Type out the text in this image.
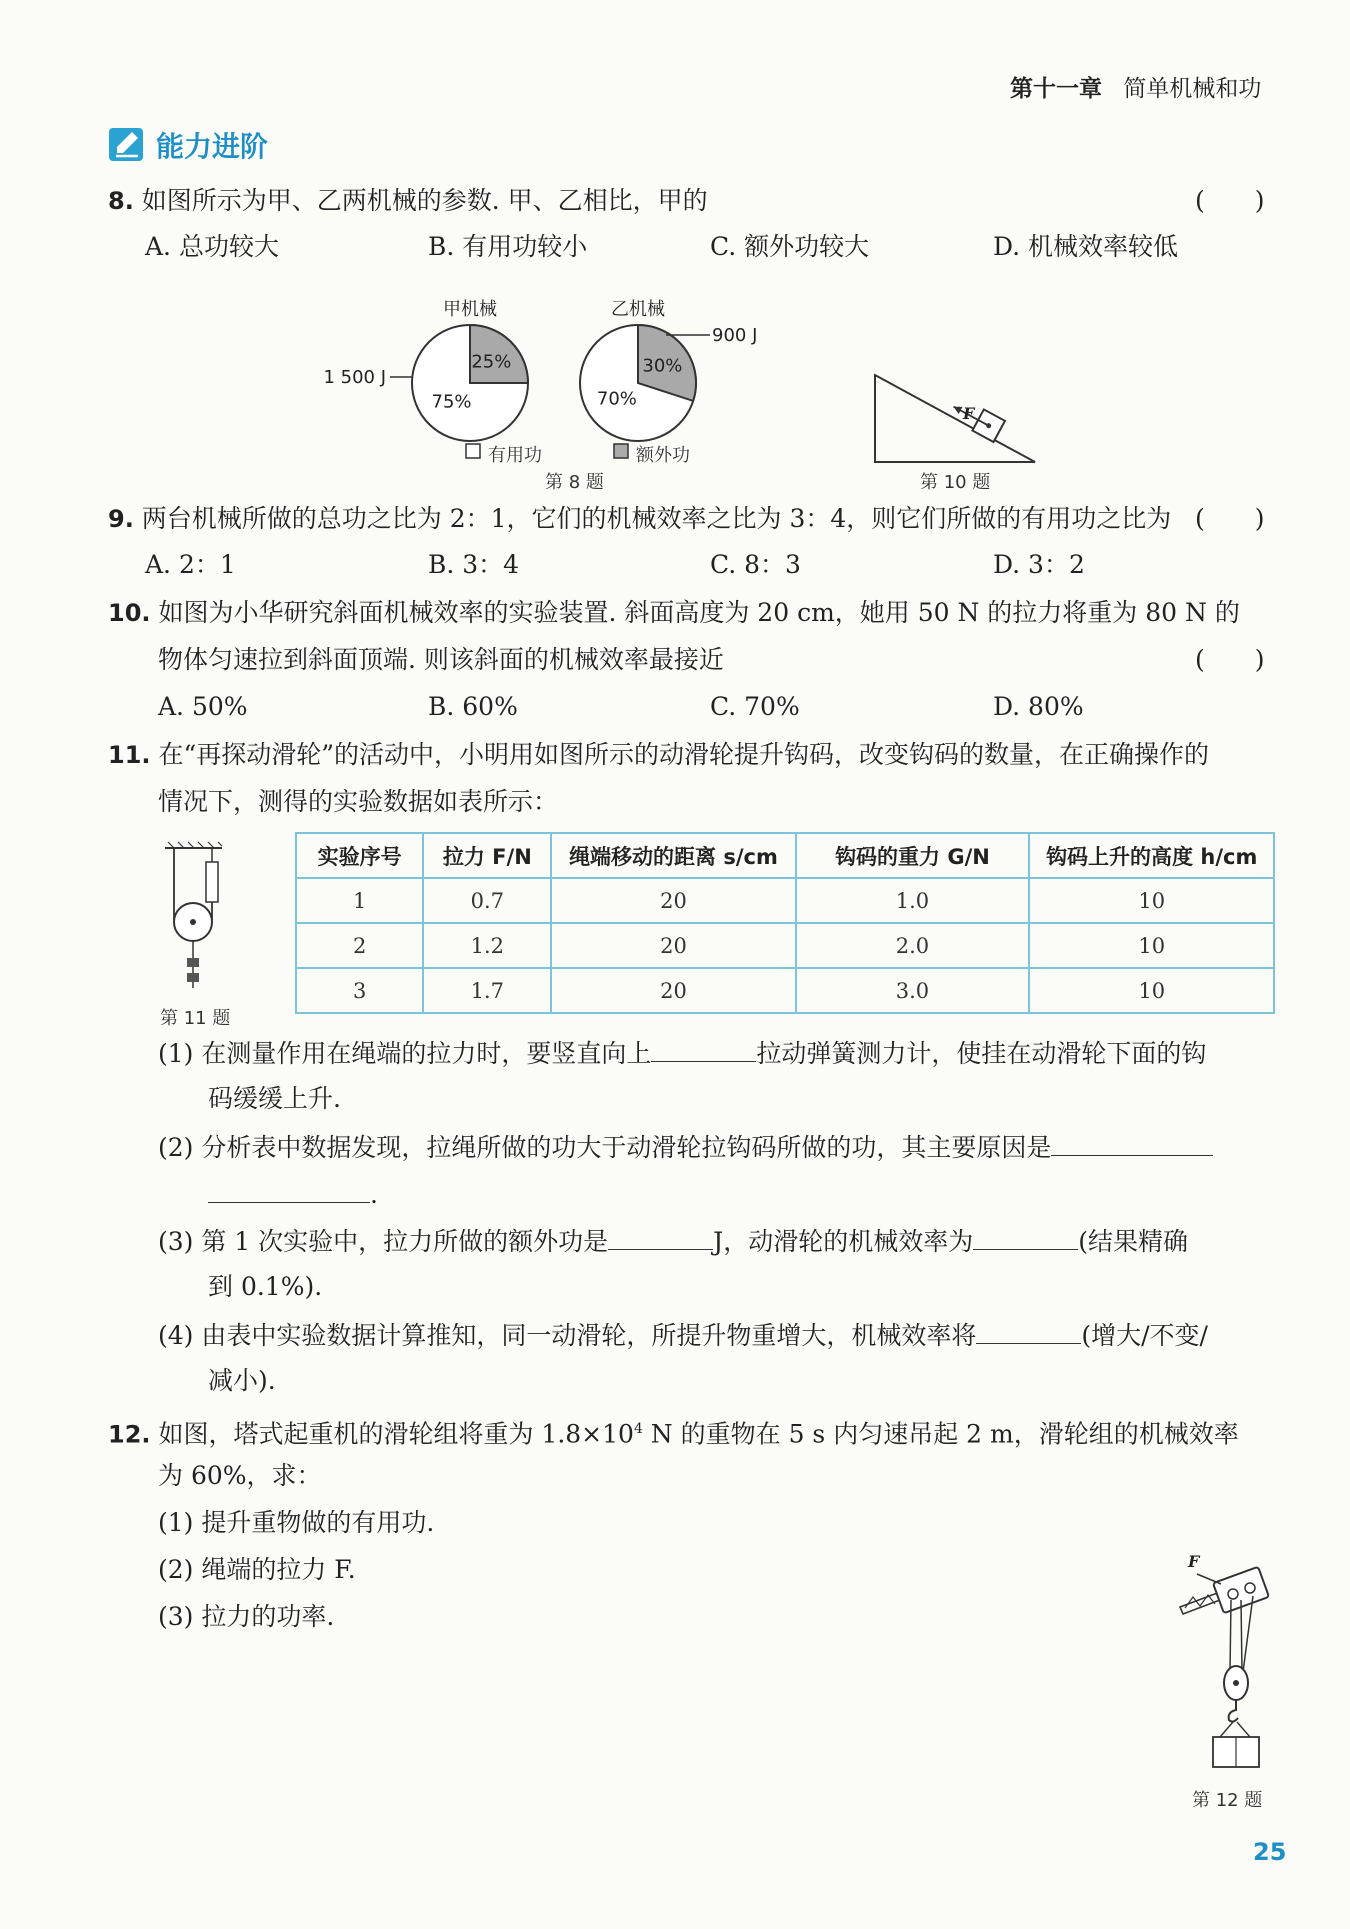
第十一章 简单机械和功
能力进阶
8. 如图所示为甲、乙两机械的参数. 甲、乙相比，甲的	(　　)
A. 总功较大	B. 有用功较小	C. 额外功较大	D. 机械效率较低
25%
75%
甲机械
1 500 J
30%
70%
乙机械
900 J
有用功	额外功
第 8 题
F
第 10 题
9. 两台机械所做的总功之比为 2：1，它们的机械效率之比为 3：4，则它们所做的有用功之比为 (　　)
A. 2：1	B. 3：4	C. 8：3	D. 3：2
10. 如图为小华研究斜面机械效率的实验装置. 斜面高度为 20 cm，她用 50 N 的拉力将重为 80 N 的
物体匀速拉到斜面顶端. 则该斜面的机械效率最接近	(　　)
A. 50%	B. 60%	C. 70%	D. 80%
11. 在“再探动滑轮”的活动中，小明用如图所示的动滑轮提升钩码，改变钩码的数量，在正确操作的
情况下，测得的实验数据如表所示：
第 11 题
实验序号	拉力 F/N	绳端移动的距离 s/cm	钩码的重力 G/N	钩码上升的高度 h/cm
1	0.7	20	1.0	10
2	1.2	20	2.0	10
3	1.7	20	3.0	10
(1) 在测量作用在绳端的拉力时，要竖直向上	拉动弹簧测力计，使挂在动滑轮下面的钩
码缓缓上升.
(2) 分析表中数据发现，拉绳所做的功大于动滑轮拉钩码所做的功，其主要原因是
.
(3) 第 1 次实验中，拉力所做的额外功是	J，动滑轮的机械效率为	(结果精确
到 0.1%).
(4) 由表中实验数据计算推知，同一动滑轮，所提升物重增大，机械效率将	(增大/不变/
减小).
12. 如图，塔式起重机的滑轮组将重为 $1.8\times 10^4$ N 的重物在 5 s 内匀速吊起 2 m，滑轮组的机械效率
为 60%，求：
(1) 提升重物做的有用功.
(2) 绳端的拉力 F.
(3) 拉力的功率.
F
第 12 题
25
